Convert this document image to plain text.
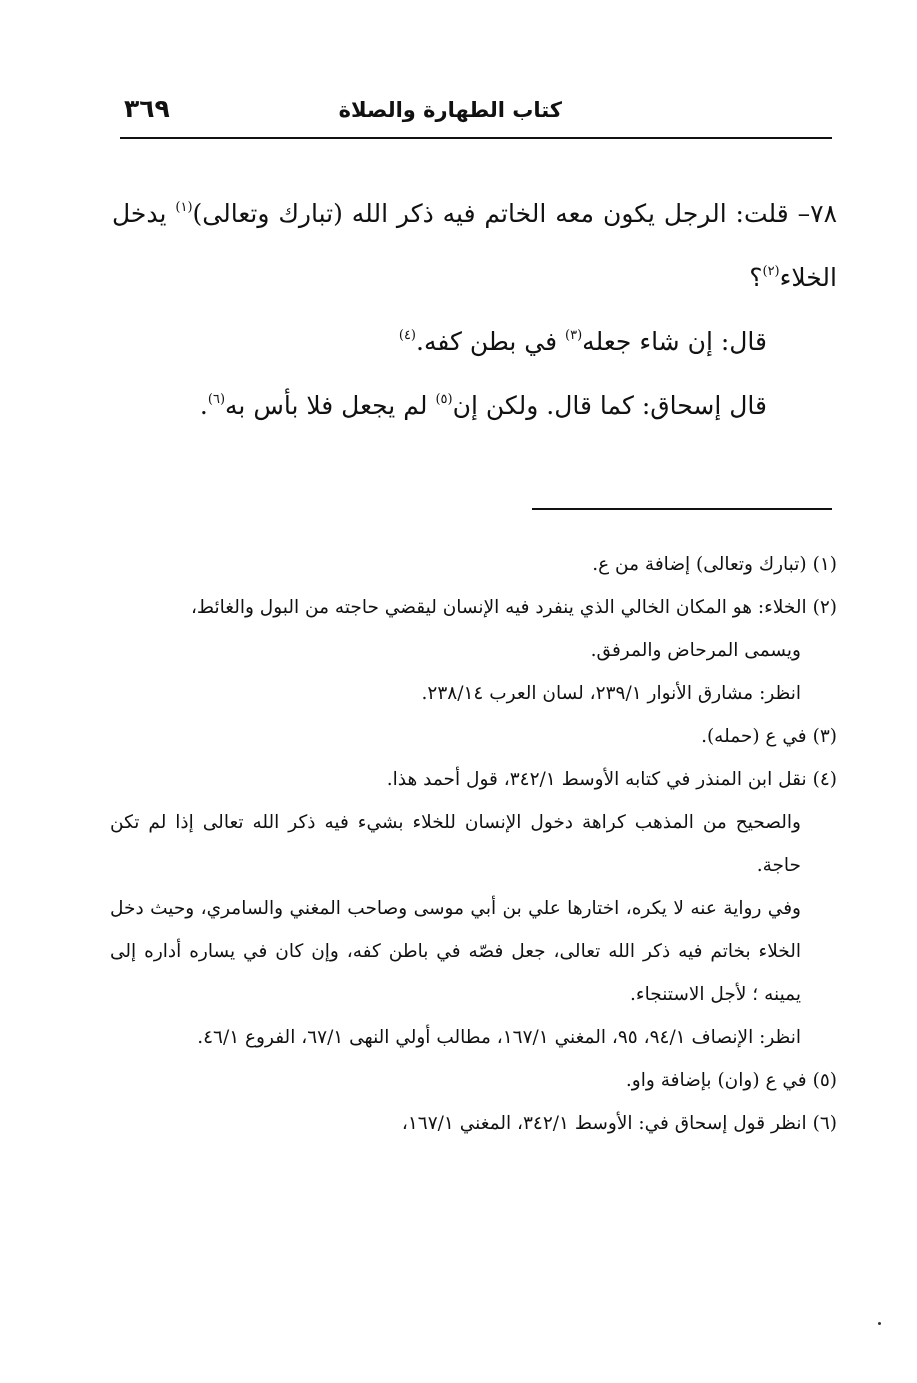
كتاب الطهارة والصلاة
٣٦٩

٧٨– قلت: الرجل يكون معه الخاتم فيه ذكر الله (تبارك وتعالى)$^{(١)}$ يدخل الخلاء$^{(٢)}$؟

قال: إن شاء جعله$^{(٣)}$ في بطن كفه.$^{(٤)}$

قال إسحاق: كما قال. ولكن إن$^{(٥)}$ لم يجعل فلا بأس به$^{(٦)}$.

(١)(تبارك وتعالى) إضافة من ع.

(٢)الخلاء: هو المكان الخالي الذي ينفرد فيه الإنسان ليقضي حاجته من البول والغائط،

ويسمى المرحاض والمرفق.

انظر: مشارق الأنوار ٢٣٩/١، لسان العرب ٢٣٨/١٤.

(٣)في ع (حمله).

(٤)نقل ابن المنذر في كتابه الأوسط ٣٤٢/١، قول أحمد هذا.

والصحيح من المذهب كراهة دخول الإنسان للخلاء بشيء فيه ذكر الله تعالى إذا لم تكن حاجة.

وفي رواية عنه لا يكره، اختارها علي بن أبي موسى وصاحب المغني والسامري، وحيث دخل الخلاء بخاتم فيه ذكر الله تعالى، جعل فصّه في باطن كفه، وإن كان في يساره أداره إلى يمينه ؛ لأجل الاستنجاء.

انظر: الإنصاف ٩٤/١، ٩٥، المغني ١٦٧/١، مطالب أولي النهى ٦٧/١، الفروع ٤٦/١.

(٥)في ع (وان) بإضافة واو.

(٦)انظر قول إسحاق في: الأوسط ٣٤٢/١، المغني ١٦٧/١،
